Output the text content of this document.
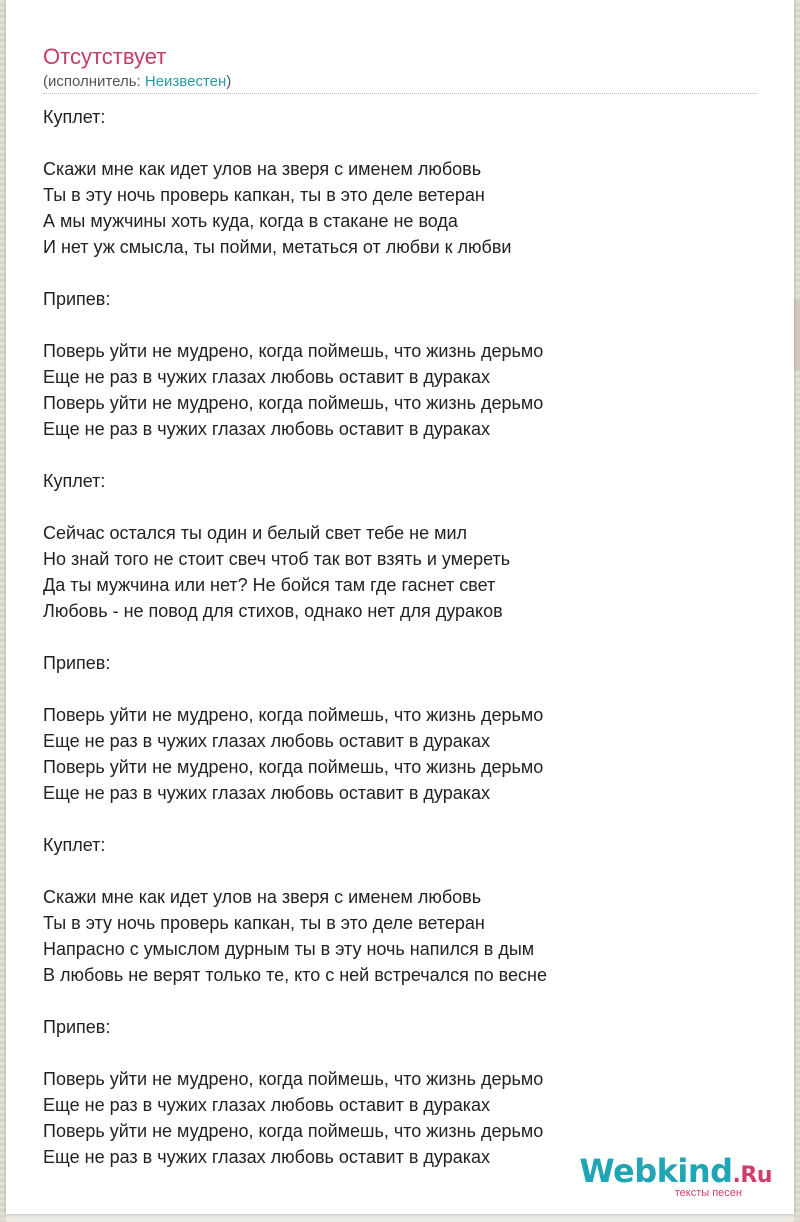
Отсутствует
(исполнитель: Неизвестен)
Куплет:
Скажи мне как идет улов на зверя с именем любовь
Ты в эту ночь проверь капкан, ты в это деле ветеран
А мы мужчины хоть куда, когда в стакане не вода
И нет уж смысла, ты пойми, метаться от любви к любви
Припев:
Поверь уйти не мудрено, когда поймешь, что жизнь дерьмо
Еще не раз в чужих глазах любовь оставит в дураках
Поверь уйти не мудрено, когда поймешь, что жизнь дерьмо
Еще не раз в чужих глазах любовь оставит в дураках
Куплет:
Сейчас остался ты один и белый свет тебе не мил
Но знай того не стоит свеч чтоб так вот взять и умереть
Да ты мужчина или нет? Не бойся там где гаснет свет
Любовь - не повод для стихов, однако нет для дураков
Припев:
Поверь уйти не мудрено, когда поймешь, что жизнь дерьмо
Еще не раз в чужих глазах любовь оставит в дураках
Поверь уйти не мудрено, когда поймешь, что жизнь дерьмо
Еще не раз в чужих глазах любовь оставит в дураках
Куплет:
Скажи мне как идет улов на зверя с именем любовь
Ты в эту ночь проверь капкан, ты в это деле ветеран
Напрасно с умыслом дурным ты в эту ночь напился в дым
В любовь не верят только те, кто с ней встречался по весне
Припев:
Поверь уйти не мудрено, когда поймешь, что жизнь дерьмо
Еще не раз в чужих глазах любовь оставит в дураках
Поверь уйти не мудрено, когда поймешь, что жизнь дерьмо
Еще не раз в чужих глазах любовь оставит в дураках	Webkind.Ru
тексты песен
